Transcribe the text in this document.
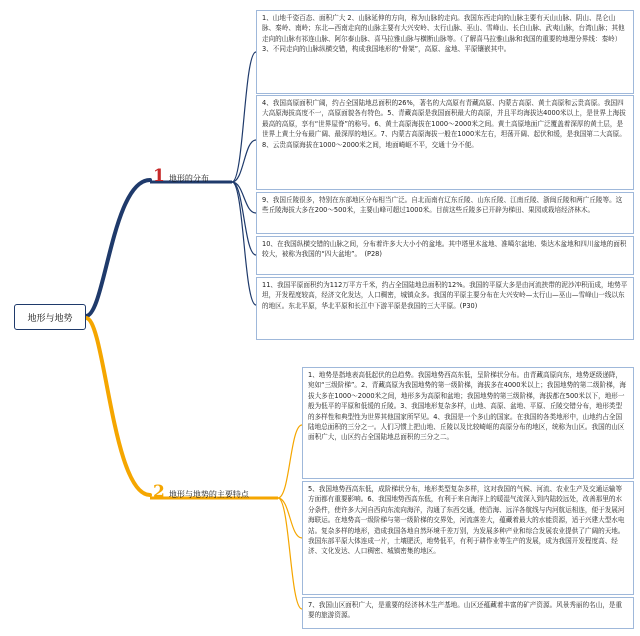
地形与地势
1 地形的分布
2 地形与地势的主要特点

1、山地千姿百态、面积广大 2、山脉延伸的方向，称为山脉的走向。我国东西走向的山脉主要有天山山脉、阴山、昆仑山脉、秦岭、南岭；东北—西南走向的山脉主要有大兴安岭、太行山脉、巫山、雪峰山、长白山脉、武夷山脉，台湾山脉；其他走向的山脉有祁连山脉、阿尔泰山脉、喜马拉雅山脉与横断山脉等。（了解喜马拉雅山脉和我国的重要的地理分界线：秦岭）3、不同走向的山脉纵横交错，构成我国地形的“骨架”，高原、盆地、平原镶嵌其中。

4、我国高原面积广阔，约占全国陆地总面积的26%，著名的大高原有青藏高原、内蒙古高原、黄土高原和云贵高原。我国四大高原海拔高度不一，高原面貌各有特色。5、青藏高原是我国面积最大的高原，并且平均海拔达4000米以上，是世界上海拔最高的高原，享有“世界屋脊”的称号。6、黄土高原海拔在1000～2000米之间。黄土高原地面广泛覆盖着深厚的黄土层，是世界上黄土分布最广阔、最深厚的地区。7、内蒙古高原海拔一般在1000米左右，坦荡开阔、起伏和缓，是我国第二大高原。8、云贵高原海拔在1000～2000米之间，地面崎岖不平，交通十分不便。

9、我国丘陵很多，特别在东部地区分布相当广泛。自北而南有辽东丘陵、山东丘陵、江南丘陵、浙闽丘陵和两广丘陵等。这些丘陵海拔大多在200～500米，主要山峰可超过1000米。目前这些丘陵多已开辟为梯田、果园或栽培经济林木。

10、在我国纵横交错的山脉之间，分布着许多大大小小的盆地。其中塔里木盆地、准噶尔盆地、柴达木盆地和四川盆地的面积较大，被称为我国的“四大盆地”。　(P28)

11、我国平原面积约为112万平方千米，约占全国陆地总面积的12%。我国的平原大多是由河流挟带的泥沙冲积而成，地势平坦，开发程度较高，经济文化发达，人口稠密，城镇众多。我国的平原主要分布在大兴安岭—太行山—巫山—雪峰山一线以东的地区。东北平原，华北平原和长江中下游平原是我国的三大平原。(P30)

1、地势是指地表高低起伏的总趋势。我国地势西高东低，呈阶梯状分布。由青藏高原向东，地势逐级递降，宛如“三级阶梯”。2、青藏高原为我国地势的第一级阶梯，海拔多在4000米以上；我国地势的第二级阶梯，海拔大多在1000～2000米之间，地形多为高原和盆地；我国地势的第三级阶梯，海拔都在500米以下，地形一般为低平的平原和低缓的丘陵。3、我国地形复杂多样，山地、高原、盆地、平原、丘陵交错分布，地形类型的多样性和典型性为世界其他国家所罕见。4、我国是一个多山的国家。在我国的各类地形中，山地约占全国陆地总面积的三分之一。人们习惯上把山地、丘陵以及比较崎岖的高原分布的地区，统称为山区。我国的山区面积广大，山区约占全国陆地总面积的三分之二。

5、我国地势西高东低，成阶梯状分布，地形类型复杂多样，这对我国的气候、河流、农业生产及交通运输等方面都有重要影响。6、我国地势西高东低，有利于来自海洋上的暖湿气流深入到内陆较远处，改善那里的水分条件，使许多大河自西向东流向海洋，沟通了东西交通，使沿海、远洋各航线与内河航运相连，便于发展河海联运。在地势高一级阶梯与第一级阶梯的交界处，河流落差大，蕴藏着最大的水能资源，适于兴建大型水电站。复杂多样的地形，造成我国各地自然环境千差万别，为发展多种产业和综合发展农业提供了广阔的天地。我国东部平原大体连成一片，土壤肥沃，地势低平，有利于耕作业等生产的发展，成为我国开发程度高、经济、文化发达、人口稠密、城镇密集的地区。

7、我国山区面积广大，是重要的经济林木生产基地。山区还蕴藏着丰富的矿产资源。风景秀丽的名山，是重要的旅游资源。
